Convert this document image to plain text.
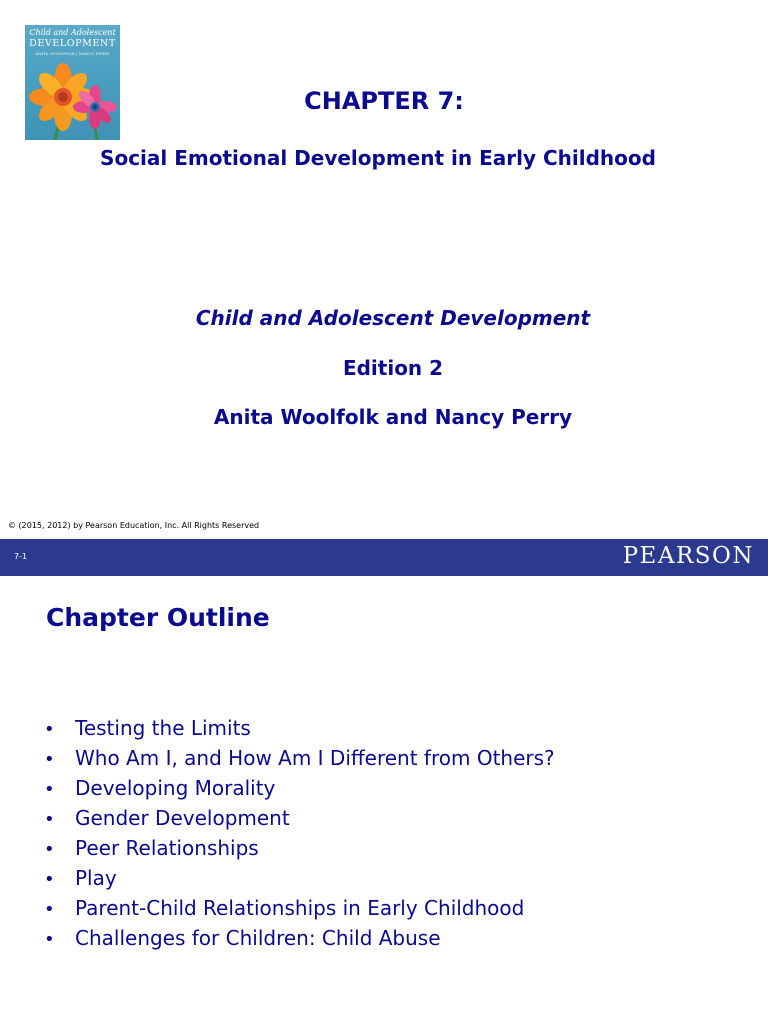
Child and Adolescent
DEVELOPMENT
ANITA WOOLFOLK | NANCY PERRY
CHAPTER 7:
Social Emotional Development in Early Childhood
Child and Adolescent Development
Edition 2
Anita Woolfolk and Nancy Perry
© (2015, 2012) by Pearson Education, Inc. All Rights Reserved
7-1	PEARSON
Chapter Outline
• Testing the Limits
• Who Am I, and How Am I Different from Others?
• Developing Morality
• Gender Development
• Peer Relationships
• Play
• Parent-Child Relationships in Early Childhood
• Challenges for Children: Child Abuse
